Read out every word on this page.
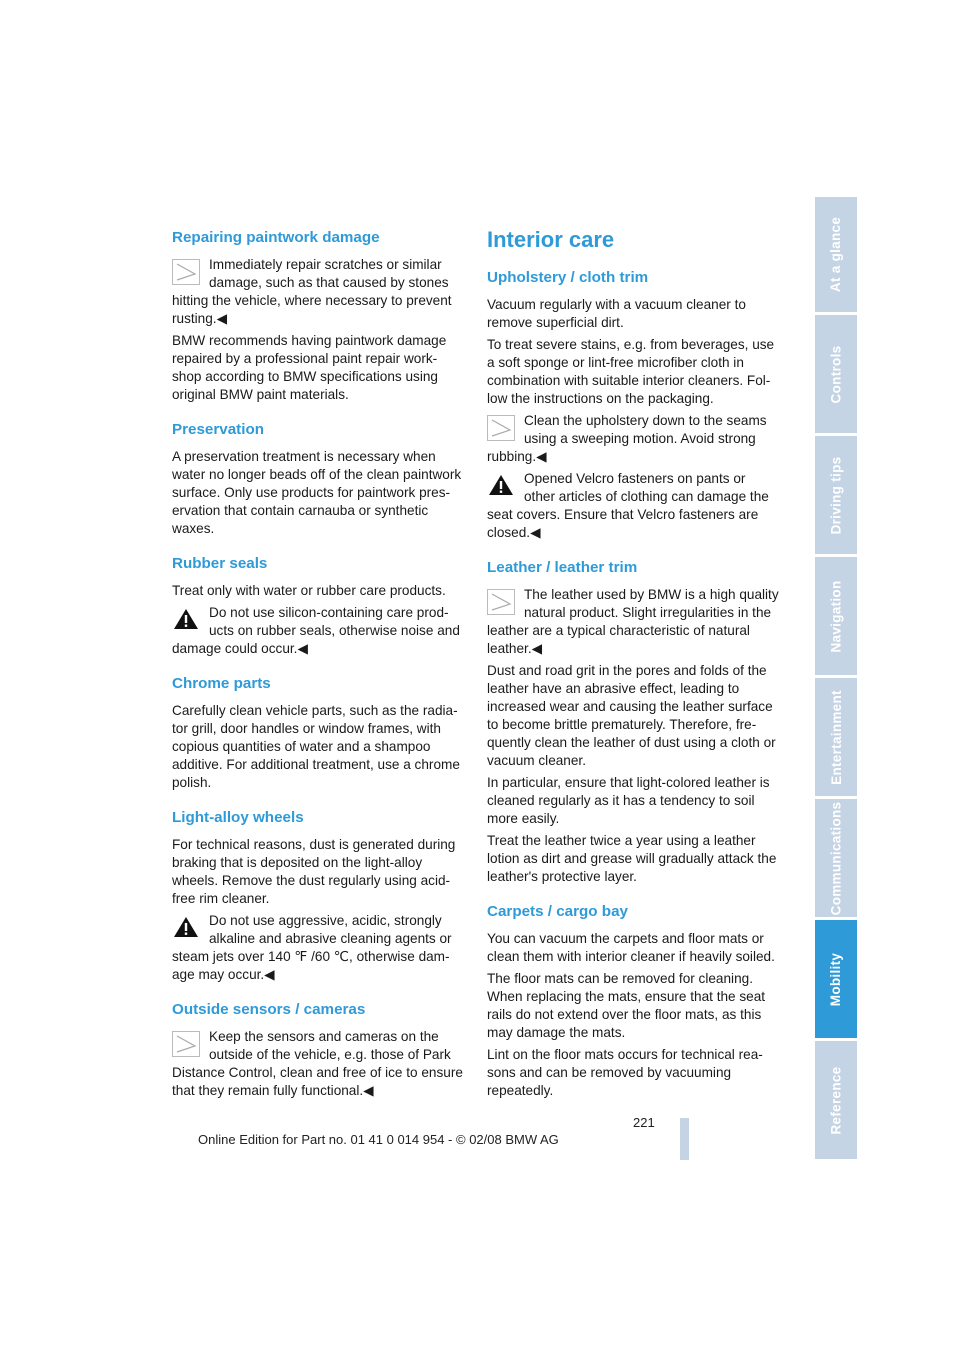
Repairing paintwork damage
Immediately repair scratches or similar damage, such as that caused by stones
hitting the vehicle, where necessary to prevent rusting.◀

BMW recommends having paintwork damage repaired by a professional paint repair work-shop according to BMW specifications using original BMW paint materials.

Preservation

A preservation treatment is necessary when water no longer beads off of the clean paintwork surface. Only use products for paintwork pres-ervation that contain carnauba or synthetic waxes.

Rubber seals

Treat only with water or rubber care products.

Do not use silicon-containing care prod-ucts on rubber seals, otherwise noise and
damage could occur.◀
Chrome parts

Carefully clean vehicle parts, such as the radia-tor grill, door handles or window frames, with copious quantities of water and a shampoo additive. For additional treatment, use a chrome polish.

Light-alloy wheels

For technical reasons, dust is generated during braking that is deposited on the light-alloy wheels. Remove the dust regularly using acid-free rim cleaner.

Do not use aggressive, acidic, strongly alkaline and abrasive cleaning agents or
steam jets over 140 ℉ /60 ℃, otherwise dam-age may occur.◀
Outside sensors / cameras
Keep the sensors and cameras on the outside of the vehicle, e.g. those of Park
Distance Control, clean and free of ice to ensure that they remain fully functional.◀
Interior care
Upholstery / cloth trim

Vacuum regularly with a vacuum cleaner to remove superficial dirt.

To treat severe stains, e.g. from beverages, use a soft sponge or lint-free microfiber cloth in combination with suitable interior cleaners. Fol-low the instructions on the packaging.

Clean the upholstery down to the seams using a sweeping motion. Avoid strong
rubbing.◀
Opened Velcro fasteners on pants or other articles of clothing can damage the
seat covers. Ensure that Velcro fasteners are closed.◀
Leather / leather trim
The leather used by BMW is a high quality natural product. Slight irregularities in the
leather are a typical characteristic of natural leather.◀

Dust and road grit in the pores and folds of the leather have an abrasive effect, leading to increased wear and causing the leather surface to become brittle prematurely. Therefore, fre-quently clean the leather of dust using a cloth or vacuum cleaner.

In particular, ensure that light-colored leather is cleaned regularly as it has a tendency to soil more easily.

Treat the leather twice a year using a leather lotion as dirt and grease will gradually attack the leather's protective layer.

Carpets / cargo bay

You can vacuum the carpets and floor mats or clean them with interior cleaner if heavily soiled.

The floor mats can be removed for cleaning. When replacing the mats, ensure that the seat rails do not extend over the floor mats, as this may damage the mats.

Lint on the floor mats occurs for technical rea-sons and can be removed by vacuuming repeatedly.

At a glance
Controls
Driving tips
Navigation
Entertainment
Communications
Mobility
Reference
221
Online Edition for Part no. 01 41 0 014 954 - © 02/08 BMW AG
